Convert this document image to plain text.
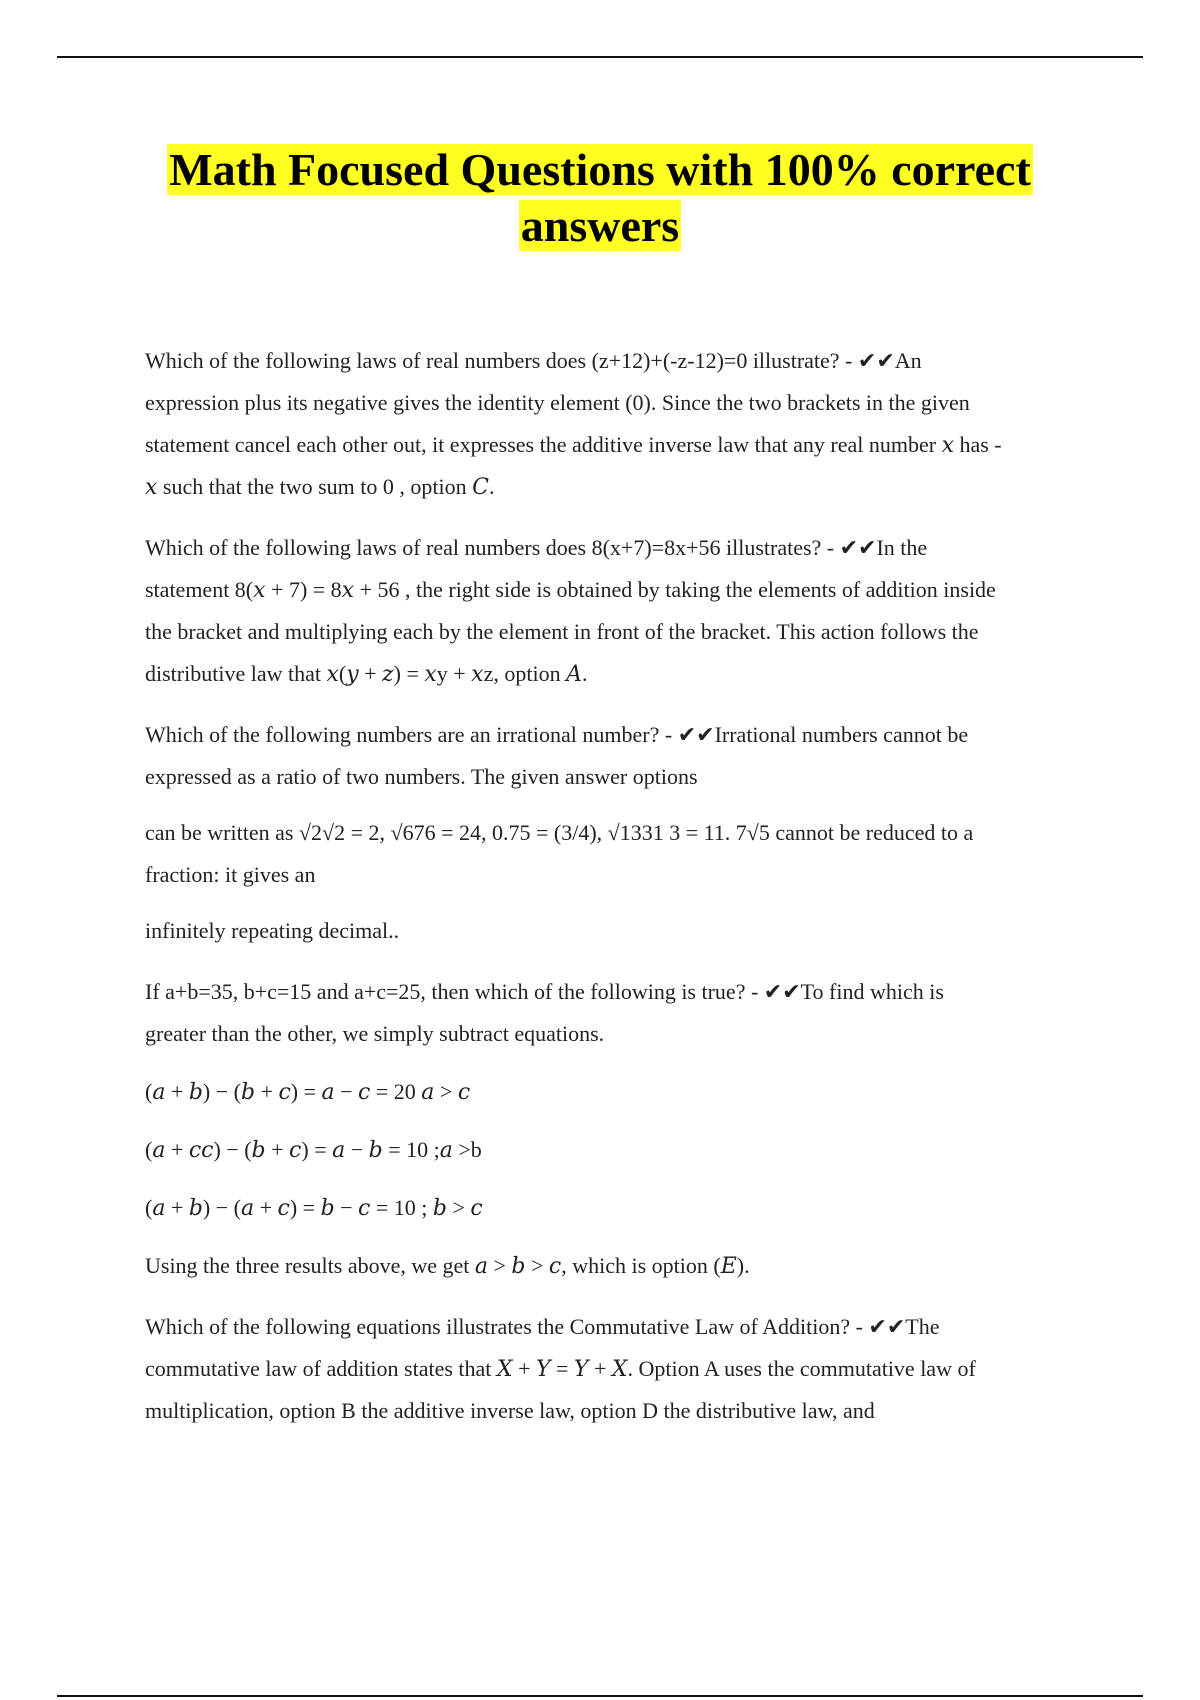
Math Focused Questions with 100% correct
answers
Which of the following laws of real numbers does (z+12)+(-z-12)=0 illustrate? - ✔✔An
expression plus its negative gives the identity element (0). Since the two brackets in the given
statement cancel each other out, it expresses the additive inverse law that any real number 𝑥 has -
𝑥 such that the two sum to 0 , option 𝐶.
Which of the following laws of real numbers does 8(x+7)=8x+56 illustrates? - ✔✔In the
statement 8(𝑥 + 7) = 8𝑥 + 56 , the right side is obtained by taking the elements of addition inside
the bracket and multiplying each by the element in front of the bracket. This action follows the
distributive law that 𝑥(𝑦 + 𝑧) = 𝑥y + 𝑥z, option 𝐴.
Which of the following numbers are an irrational number? - ✔✔Irrational numbers cannot be
expressed as a ratio of two numbers. The given answer options
can be written as √2√2 = 2, √676 = 24, 0.75 = (3/4), √1331 3 = 11. 7√5 cannot be reduced to a
fraction: it gives an
infinitely repeating decimal..
If a+b=35, b+c=15 and a+c=25, then which of the following is true? - ✔✔To find which is
greater than the other, we simply subtract equations.
(𝑎 + 𝑏) − (𝑏 + 𝑐) = 𝑎 − 𝑐 = 20 𝑎 > 𝑐
(𝑎 + 𝑐𝑐) − (𝑏 + 𝑐) = 𝑎 − 𝑏 = 10 ;𝑎 >b
(𝑎 + 𝑏) − (𝑎 + 𝑐) = 𝑏 − 𝑐 = 10 ; 𝑏 > 𝑐
Using the three results above, we get 𝑎 > 𝑏 > 𝑐, which is option (𝐸).
Which of the following equations illustrates the Commutative Law of Addition? - ✔✔The
commutative law of addition states that 𝑋 + 𝑌 = 𝑌 + 𝑋. Option A uses the commutative law of
multiplication, option B the additive inverse law, option D the distributive law, and
